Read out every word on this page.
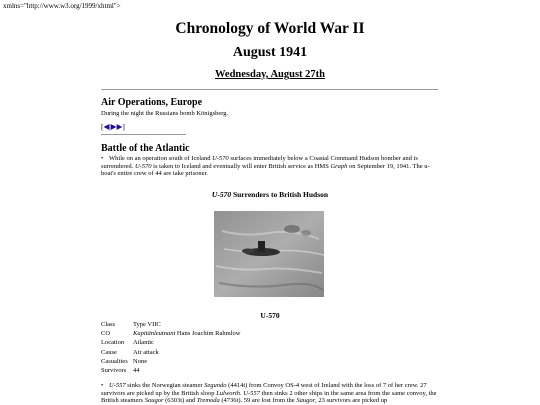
xmlns="http://www.w3.org/1999/xhtml">
Chronology of World War II
August 1941
Wednesday, August 27th
Air Operations, Europe
During the night the Russians bomb Königsberg.
[◀|▶▶]
Battle of the Atlantic
• While on an operation south of Iceland U-570 surfaces immediately below a Coastal Command Hudson bomber and is surrendered. U-570 is taken to Iceland and eventually will enter British service as HMS Graph on September 19, 1941. The u-boat's entire crew of 44 are take prisoner.
U-570 Surrenders to British Hudson
U-570
Class	Type VIIC
CO	Kapitänleutnant Hans Joachim Rahmlow
Location	Atlantic
Cause	Air attack
Casualties	None
Survivors	44
• U-557 sinks the Norwegian steamer Segundo (4414t) from Convoy OS-4 west of Ireland with the loss of 7 of her crew. 27 survivors are picked up by the British sloop Lulworth. U-557 then sinks 2 other ships in the same area from the same convoy, the British steamers Saugor (6303t) and Tremoda (4736t). 59 are lost from the Saugor, 23 survivors are picked up
